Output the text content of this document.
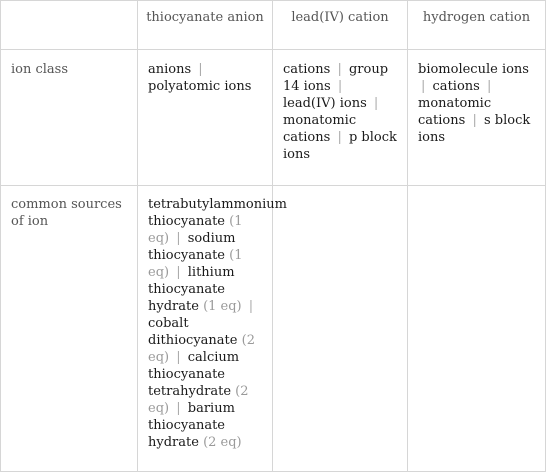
	thiocyanate anion	lead(IV) cation	hydrogen cation
ion class	anions | polyatomic ions	cations | group 14 ions | lead(IV) ions | monatomic cations | p block ions	biomolecule ions | cations | monatomic cations | s block ions
common sources of ion	tetrabutylammonium thiocyanate (1 eq) | sodium thiocyanate (1 eq) | lithium thiocyanate hydrate (1 eq) | cobalt dithiocyanate (2 eq) | calcium thiocyanate tetrahydrate (2 eq) | barium thiocyanate hydrate (2 eq)		
